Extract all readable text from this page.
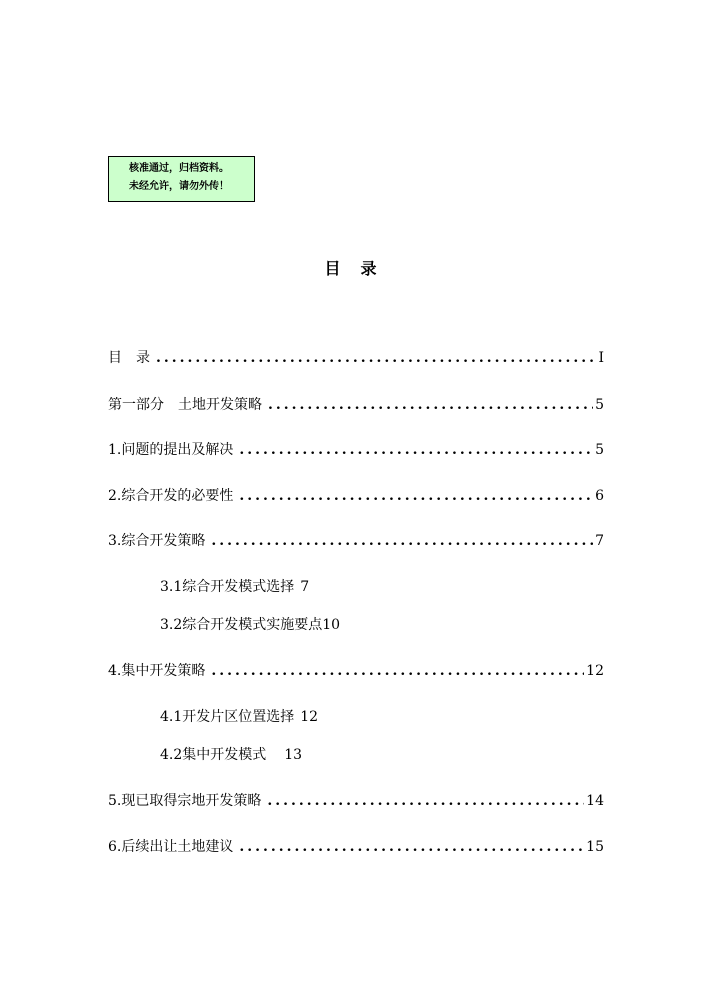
核准通过，归档资料。
未经允许，请勿外传！
目　录
目　录 .....	I
第一部分　土地开发策略 .....	5
1.问题的提出及解决 .....	5
2.综合开发的必要性 .....	6
3.综合开发策略 .....	7
3.1综合开发模式选择 7
3.2综合开发模式实施要点10
4.集中开发策略 .....	12
4.1开发片区位置选择 12
4.2集中开发模式 13
5.现已取得宗地开发策略 .....	14
6.后续出让土地建议 .....	15
